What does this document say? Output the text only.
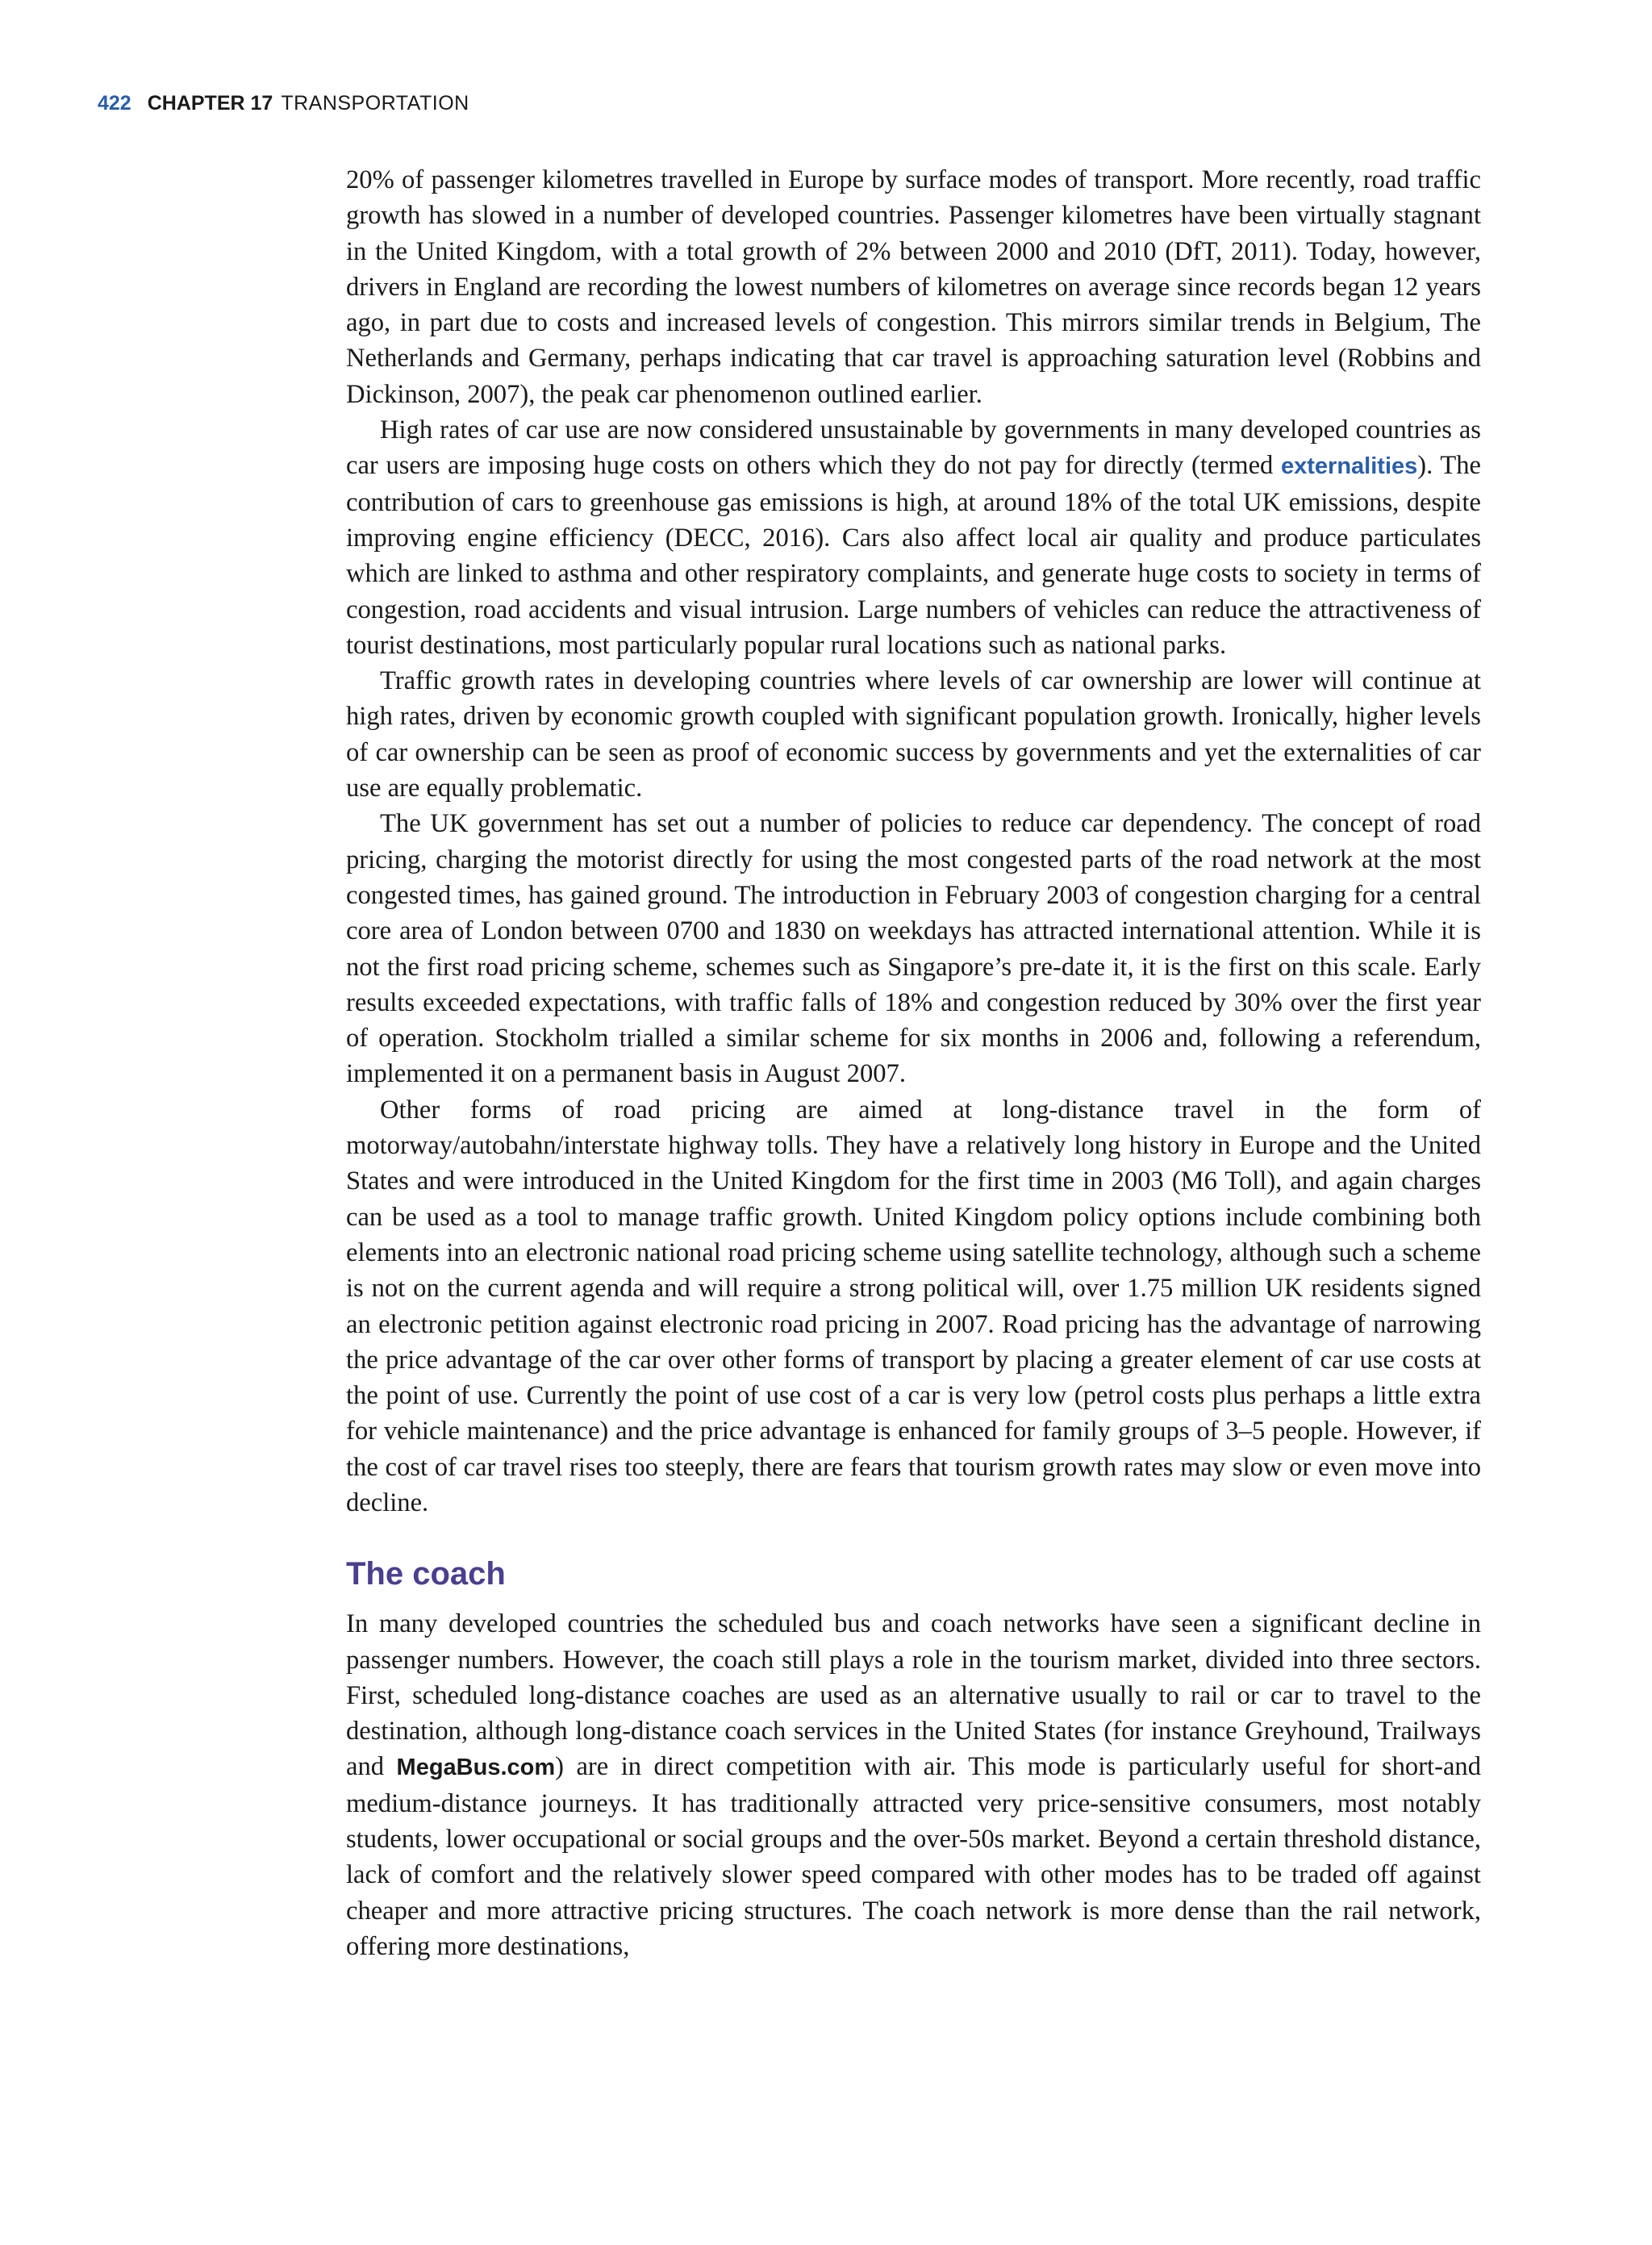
422 CHAPTER 17 TRANSPORTATION

20% of passenger kilometres travelled in Europe by surface modes of transport. More recently, road traffic growth has slowed in a number of developed countries. Passenger kilometres have been virtually stagnant in the United Kingdom, with a total growth of 2% between 2000 and 2010 (DfT, 2011). Today, however, drivers in England are recording the lowest numbers of kilometres on average since records began 12 years ago, in part due to costs and increased levels of congestion. This mirrors similar trends in Belgium, The Netherlands and Germany, perhaps indicating that car travel is approaching saturation level (Robbins and Dickinson, 2007), the peak car phenomenon outlined earlier.

High rates of car use are now considered unsustainable by governments in many developed countries as car users are imposing huge costs on others which they do not pay for directly (termed externalities). The contribution of cars to greenhouse gas emissions is high, at around 18% of the total UK emissions, despite improving engine efficiency (DECC, 2016). Cars also affect local air quality and produce particulates which are linked to asthma and other respiratory complaints, and generate huge costs to society in terms of congestion, road accidents and visual intrusion. Large numbers of vehicles can reduce the attractiveness of tourist destinations, most particularly popular rural locations such as national parks.

Traffic growth rates in developing countries where levels of car ownership are lower will continue at high rates, driven by economic growth coupled with significant population growth. Ironically, higher levels of car ownership can be seen as proof of economic success by governments and yet the externalities of car use are equally problematic.

The UK government has set out a number of policies to reduce car dependency. The concept of road pricing, charging the motorist directly for using the most congested parts of the road network at the most congested times, has gained ground. The introduction in February 2003 of congestion charging for a central core area of London between 0700 and 1830 on weekdays has attracted international attention. While it is not the first road pricing scheme, schemes such as Singapore’s pre-date it, it is the first on this scale. Early results exceeded expectations, with traffic falls of 18% and congestion reduced by 30% over the first year of operation. Stockholm trialled a similar scheme for six months in 2006 and, following a referendum, implemented it on a permanent basis in August 2007.

Other forms of road pricing are aimed at long-distance travel in the form of motorway/autobahn/interstate highway tolls. They have a relatively long history in Europe and the United States and were introduced in the United Kingdom for the first time in 2003 (M6 Toll), and again charges can be used as a tool to manage traffic growth. United Kingdom policy options include combining both elements into an electronic national road pricing scheme using satellite technology, although such a scheme is not on the current agenda and will require a strong political will, over 1.75 million UK residents signed an electronic petition against electronic road pricing in 2007. Road pricing has the advantage of narrowing the price advantage of the car over other forms of transport by placing a greater element of car use costs at the point of use. Currently the point of use cost of a car is very low (petrol costs plus perhaps a little extra for vehicle maintenance) and the price advantage is enhanced for family groups of 3–5 people. However, if the cost of car travel rises too steeply, there are fears that tourism growth rates may slow or even move into decline.

The coach

In many developed countries the scheduled bus and coach networks have seen a significant decline in passenger numbers. However, the coach still plays a role in the tourism market, divided into three sectors. First, scheduled long-distance coaches are used as an alternative usually to rail or car to travel to the destination, although long-distance coach services in the United States (for instance Greyhound, Trailways and MegaBus.com) are in direct competition with air. This mode is particularly useful for short-and medium-distance journeys. It has traditionally attracted very price-sensitive consumers, most notably students, lower occupational or social groups and the over-50s market. Beyond a certain threshold distance, lack of comfort and the relatively slower speed compared with other modes has to be traded off against cheaper and more attractive pricing structures. The coach network is more dense than the rail network, offering more destinations,
